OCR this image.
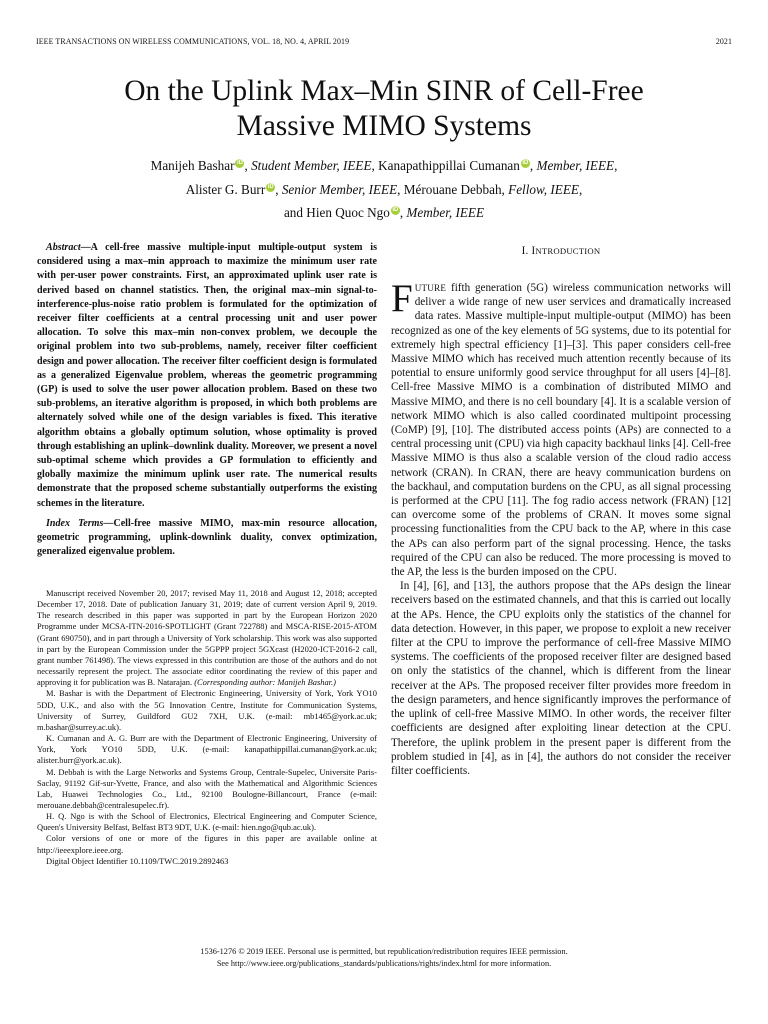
IEEE TRANSACTIONS ON WIRELESS COMMUNICATIONS, VOL. 18, NO. 4, APRIL 2019	2021
On the Uplink Max–Min SINR of Cell-Free
Massive MIMO Systems
Manijeh Bashar iD , Student Member, IEEE, Kanapathippillai Cumanan iD , Member, IEEE,
Alister G. Burr iD , Senior Member, IEEE, Mérouane Debbah, Fellow, IEEE,
and Hien Quoc Ngo iD , Member, IEEE

Abstract—A cell-free massive multiple-input multiple-output system is considered using a max–min approach to maximize the minimum user rate with per-user power constraints. First, an approximated uplink user rate is derived based on channel statistics. Then, the original max–min signal-to-interference-plus-noise ratio problem is formulated for the optimization of receiver filter coefficients at a central processing unit and user power allocation. To solve this max–min non-convex problem, we decouple the original problem into two sub-problems, namely, receiver filter coefficient design and power allocation. The receiver filter coefficient design is formulated as a generalized Eigenvalue problem, whereas the geometric programming (GP) is used to solve the user power allocation problem. Based on these two sub-problems, an iterative algorithm is proposed, in which both problems are alternately solved while one of the design variables is fixed. This iterative algorithm obtains a globally optimum solution, whose optimality is proved through establishing an uplink–downlink duality. Moreover, we present a novel sub-optimal scheme which provides a GP formulation to efficiently and globally maximize the minimum uplink user rate. The numerical results demonstrate that the proposed scheme substantially outperforms the existing schemes in the literature.

Index Terms—Cell-free massive MIMO, max-min resource allocation, geometric programming, uplink-downlink duality, convex optimization, generalized eigenvalue problem.

Manuscript received November 20, 2017; revised May 11, 2018 and August 12, 2018; accepted December 17, 2018. Date of publication January 31, 2019; date of current version April 9, 2019. The research described in this paper was supported in part by the European Horizon 2020 Programme under MCSA-ITN-2016-SPOTLIGHT (Grant 722788) and MSCA-RISE-2015-ATOM (Grant 690750), and in part through a University of York scholarship. This work was also supported in part by the European Commission under the 5GPPP project 5GXcast (H2020-ICT-2016-2 call, grant number 761498). The views expressed in this contribution are those of the authors and do not necessarily represent the project. The associate editor coordinating the review of this paper and approving it for publication was B. Natarajan. (Corresponding author: Manijeh Bashar.)

M. Bashar is with the Department of Electronic Engineering, University of York, York YO10 5DD, U.K., and also with the 5G Innovation Centre, Institute for Communication Systems, University of Surrey, Guildford GU2 7XH, U.K. (e-mail: mb1465@york.ac.uk; m.bashar@surrey.ac.uk).

K. Cumanan and A. G. Burr are with the Department of Electronic Engineering, University of York, York YO10 5DD, U.K. (e-mail: kanapathippillai.cumanan@york.ac.uk; alister.burr@york.ac.uk).

M. Debbah is with the Large Networks and Systems Group, Centrale-Supelec, Universite Paris-Saclay, 91192 Gif-sur-Yvette, France, and also with the Mathematical and Algorithmic Sciences Lab, Huawei Technologies Co., Ltd., 92100 Boulogne-Billancourt, France (e-mail: merouane.debbah@centralesupelec.fr).

H. Q. Ngo is with the School of Electronics, Electrical Engineering and Computer Science, Queen's University Belfast, Belfast BT3 9DT, U.K. (e-mail: hien.ngo@qub.ac.uk).

Color versions of one or more of the figures in this paper are available online at http://ieeexplore.ieee.org.

Digital Object Identifier 10.1109/TWC.2019.2892463

I. INTRODUCTION

FUTURE fifth generation (5G) wireless communication networks will deliver a wide range of new user services and dramatically increased data rates. Massive multiple-input multiple-output (MIMO) has been recognized as one of the key elements of 5G systems, due to its potential for extremely high spectral efficiency [1]–[3]. This paper considers cell-free Massive MIMO which has received much attention recently because of its potential to ensure uniformly good service throughput for all users [4]–[8]. Cell-free Massive MIMO is a combination of distributed MIMO and Massive MIMO, and there is no cell boundary [4]. It is a scalable version of network MIMO which is also called coordinated multipoint processing (CoMP) [9], [10]. The distributed access points (APs) are connected to a central processing unit (CPU) via high capacity backhaul links [4]. Cell-free Massive MIMO is thus also a scalable version of the cloud radio access network (CRAN). In CRAN, there are heavy communication burdens on the backhaul, and computation burdens on the CPU, as all signal processing is performed at the CPU [11]. The fog radio access network (FRAN) [12] can overcome some of the problems of CRAN. It moves some signal processing functionalities from the CPU back to the AP, where in this case the APs can also perform part of the signal processing. Hence, the tasks required of the CPU can also be reduced. The more processing is moved to the AP, the less is the burden imposed on the CPU.

In [4], [6], and [13], the authors propose that the APs design the linear receivers based on the estimated channels, and that this is carried out locally at the APs. Hence, the CPU exploits only the statistics of the channel for data detection. However, in this paper, we propose to exploit a new receiver filter at the CPU to improve the performance of cell-free Massive MIMO systems. The coefficients of the proposed receiver filter are designed based on only the statistics of the channel, which is different from the linear receiver at the APs. The proposed receiver filter provides more freedom in the design parameters, and hence significantly improves the performance of the uplink of cell-free Massive MIMO. In other words, the receiver filter coefficients are designed after exploiting linear detection at the CPU. Therefore, the uplink problem in the present paper is different from the problem studied in [4], as in [4], the authors do not consider the receiver filter coefficients.

1536-1276 © 2019 IEEE. Personal use is permitted, but republication/redistribution requires IEEE permission.
See http://www.ieee.org/publications_standards/publications/rights/index.html for more information.
